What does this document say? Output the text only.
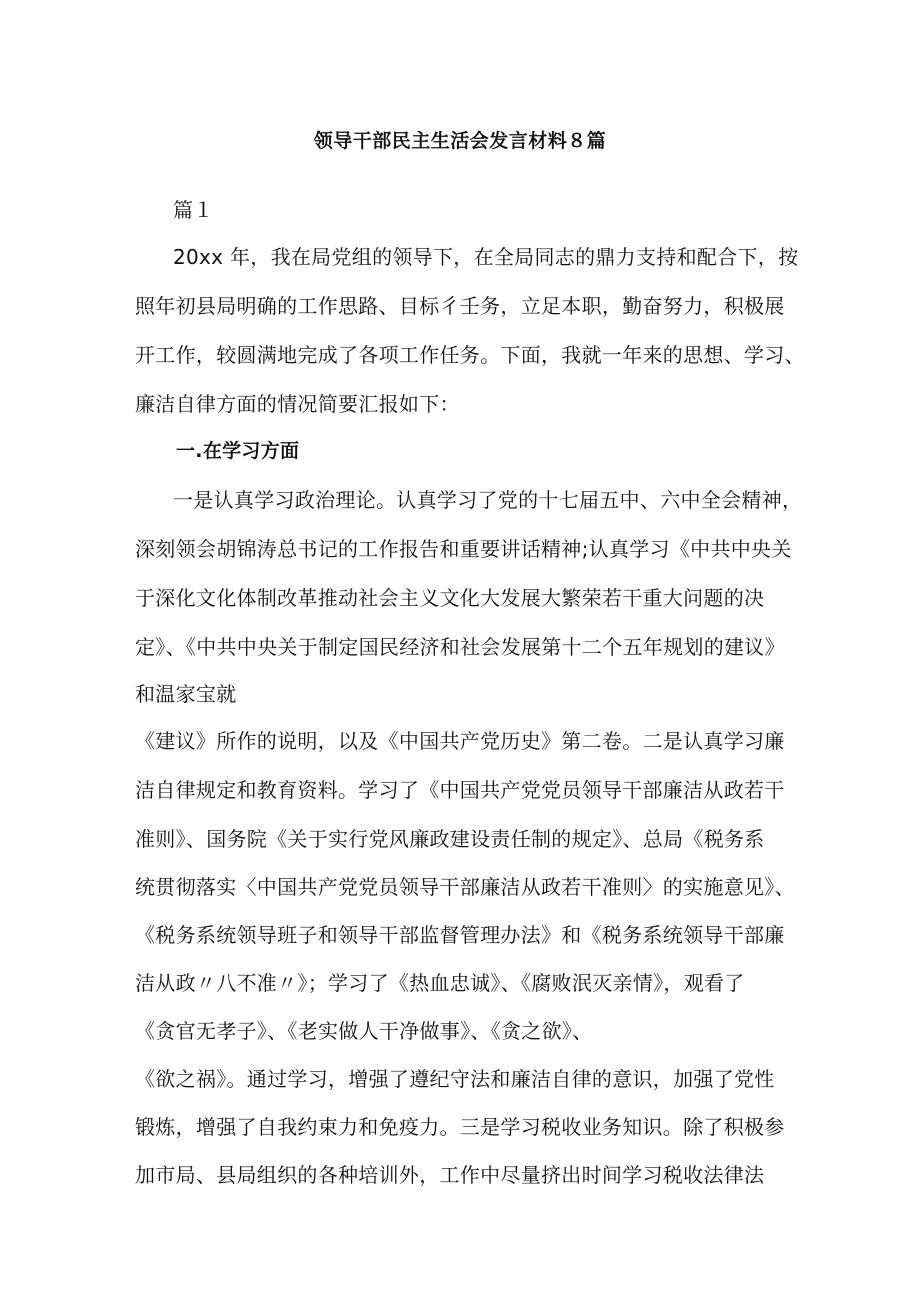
领导干部民主生活会发言材料８篇
篇１
20xx 年，我在局党组的领导下，在全局同志的鼎力支持和配合下，按
照年初县局明确的工作思路、目标彳壬务，立足本职，勤奋努力，积极展
开工作，较圆满地完成了各项工作任务。下面，我就一年来的思想、学习、
廉洁自律方面的情况简要汇报如下：
一.在学习方面
一是认真学习政治理论。认真学习了党的十七届五中、六中全会精神，
深刻领会胡锦涛总书记的工作报告和重要讲话精神;认真学习《中共中央关
于深化文化体制改革推动社会主义文化大发展大繁荣若干重大问题的决
定》、《中共中央关于制定国民经济和社会发展第十二个五年规划的建议》
和温家宝就
《建议》所作的说明，以及《中国共产党历史》第二卷。二是认真学习廉
洁自律规定和教育资料。学习了《中国共产党党员领导干部廉洁从政若干
准则》、国务院《关于实行党风廉政建设责任制的规定》、总局《税务系
统贯彻落实〈中国共产党党员领导干部廉洁从政若干准则〉的实施意见》、
《税务系统领导班子和领导干部监督管理办法》和《税务系统领导干部廉
洁从政〃八不准〃》；学习了《热血忠诚》、《腐败泯灭亲情》，观看了
《贪官无孝子》、《老实做人干净做事》、《贪之欲》、
《欲之祸》。通过学习，增强了遵纪守法和廉洁自律的意识，加强了党性
锻炼，增强了自我约束力和免疫力。三是学习税收业务知识。除了积极参
加市局、县局组织的各种培训外，工作中尽量挤出时间学习税收法律法
